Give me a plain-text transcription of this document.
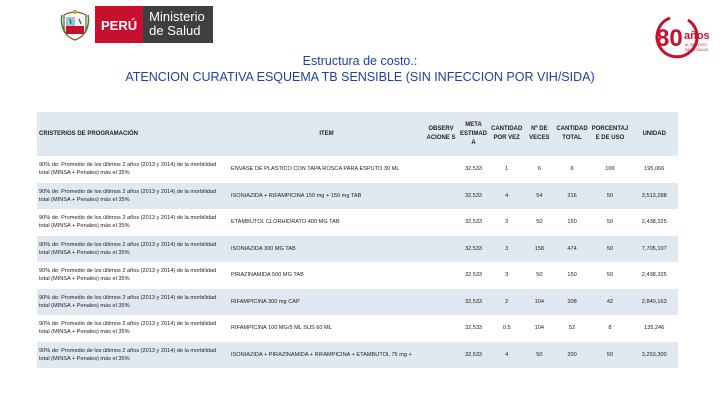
PERÚ
Ministerio
de Salud	80 años
AL SERVICIO
DE TU SALUD
Estructura de costo.:
ATENCION CURATIVA ESQUEMA TB SENSIBLE (SIN INFECCION POR VIH/SIDA)
CRISTERIOS DE PROGRAMACIÓN	ITEM	OBSERV ACIONE S	META ESTIMAD A	CANTIDAD POR VEZ	Nº DE VECES	CANTIDAD TOTAL	PORCENTAJ E DE USO	UNIDAD
90% de: Promedio de los últimos 2 años (2013 y 2014) de la morbilidad total (MINSA + Penales) más el 35%	ENVASE DE PLASTICO CON TAPA ROSCA PARA ESPUTO 30 ML		32,533	1	6	6	100	195,066
90% de: Promedio de los últimos 2 años (2013 y 2014) de la morbilidad total (MINSA + Penales) más el 35%	ISONIAZIDA + RIFAMPICINA 150 mg + 150 mg TAB		32,533	4	54	216	50	3,513,288
90% de: Promedio de los últimos 2 años (2013 y 2014) de la morbilidad total (MINSA + Penales) más el 35%	ETAMBUTOL CLORHIDRATO 400 MG TAB		32,533	3	50	150	50	2,438,325
90% de: Promedio de los últimos 2 años (2013 y 2014) de la morbilidad total (MINSA + Penales) más el 35%	ISONIAZIDA 300 MG TAB		32,533	3	158	474	50	7,705,107
90% de: Promedio de los últimos 2 años (2013 y 2014) de la morbilidad total (MINSA + Penales) más el 35%	PIRAZINAMIDA 500 MG TAB		32,533	3	50	150	50	2,438,325
90% de: Promedio de los últimos 2 años (2013 y 2014) de la morbilidad total (MINSA + Penales) más el 35%	RIFAMPICINA 300 mg CAP		32,533	2	104	208	42	2,840,163
90% de: Promedio de los últimos 2 años (2013 y 2014) de la morbilidad total (MINSA + Penales) más el 35%	RIFAMPICINA 100 MG/5 ML SUS 60 ML		32,533	0.5	104	52	8	135,246
90% de: Promedio de los últimos 2 años (2013 y 2014) de la morbilidad total (MINSA + Penales) más el 35%	ISONIAZIDA + PIRAZINAMIDA + RIFAMPICINA + ETAMBUTOL 75 mg +		32,533	4	50	200	50	3,253,300
